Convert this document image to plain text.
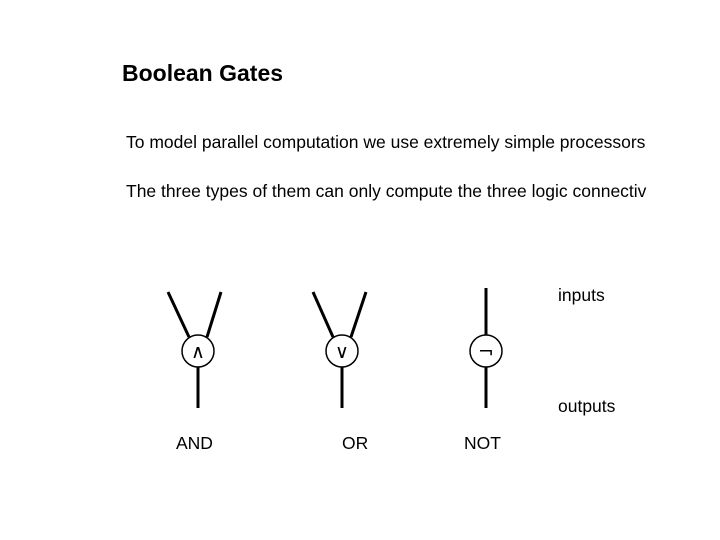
Boolean Gates
To model parallel computation we use extremely simple processors
The three types of them can only compute the three logic connectiv
∧	∨	¬
inputs
outputs
AND	OR	NOT
